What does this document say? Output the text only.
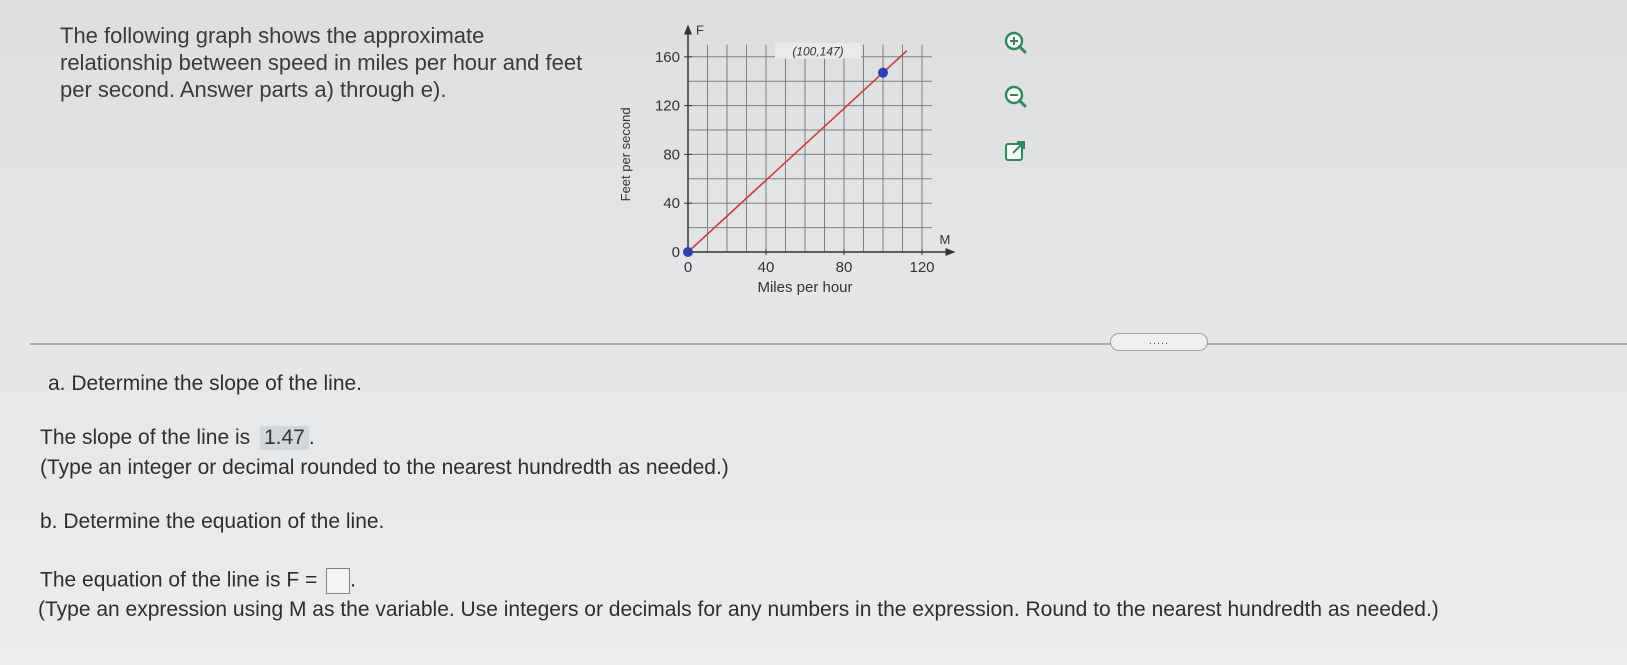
The following graph shows the approximate
relationship between speed in miles per hour and feet
per second. Answer parts a) through e).
M
F
0	40	80	120
0
40
80
120
160
Miles per hour
Feet per second
(100,147)
.....
a. Determine the slope of the line.
The slope of the line is 1.47 .
(Type an integer or decimal rounded to the nearest hundredth as needed.)
b. Determine the equation of the line.
The equation of the line is F = .
(Type an expression using M as the variable. Use integers or decimals for any numbers in the expression. Round to the nearest hundredth as needed.)
